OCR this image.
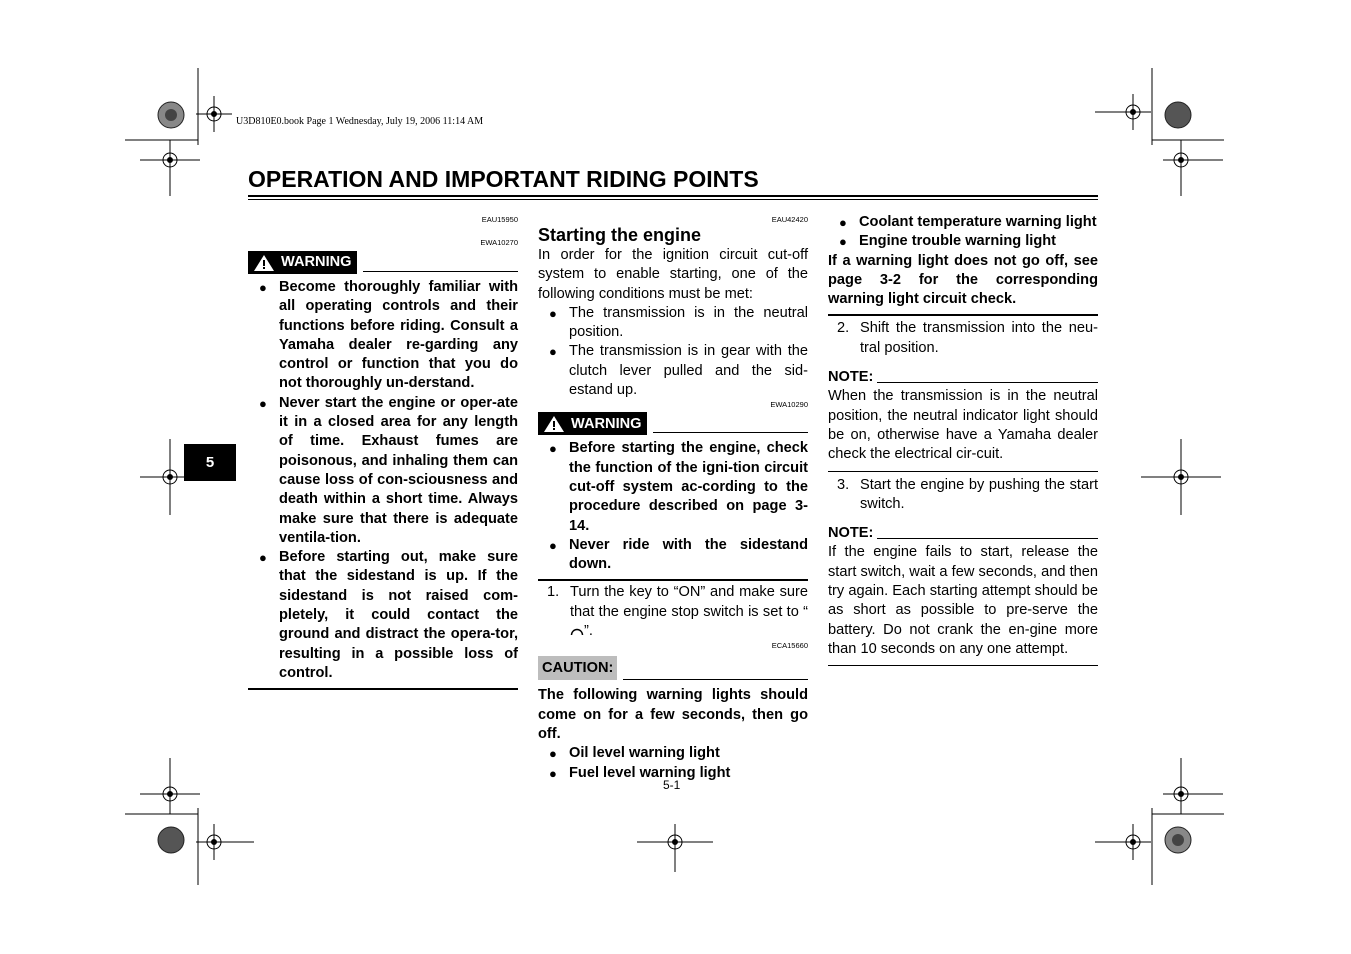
U3D810E0.book Page 1 Wednesday, July 19, 2006 11:14 AM
OPERATION AND IMPORTANT RIDING POINTS
5
EAU15950
EWA10270
WARNING
● Become thoroughly familiar with all operating controls and their functions before riding. Consult a Yamaha dealer re-garding any control or function that you do not thoroughly un-derstand.
● Never start the engine or oper-ate it in a closed area for any length of time. Exhaust fumes are poisonous, and inhaling them can cause loss of con-sciousness and death within a short time. Always make sure that there is adequate ventila-tion.
● Before starting out, make sure that the sidestand is up. If the sidestand is not raised com-pletely, it could contact the ground and distract the opera-tor, resulting in a possible loss of control.
EAU42420
Starting the engine

In order for the ignition circuit cut-off system to enable starting, one of the following conditions must be met:

● The transmission is in the neutral position.
● The transmission is in gear with the clutch lever pulled and the sid-estand up.
EWA10290
WARNING
● Before starting the engine, check the function of the igni-tion circuit cut-off system ac-cording to the procedure described on page 3-14.
● Never ride with the sidestand down.
1. Turn the key to “ON” and make sure that the engine stop switch is set to “”.
ECA15660
CAUTION:

The following warning lights should come on for a few seconds, then go off.

● Oil level warning light
● Fuel level warning light
● Coolant temperature warning light
● Engine trouble warning light

If a warning light does not go off, see page 3-2 for the corresponding warning light circuit check.

2. Shift the transmission into the neu-tral position.
NOTE:

When the transmission is in the neutral position, the neutral indicator light should be on, otherwise have a Yamaha dealer check the electrical cir-cuit.

3. Start the engine by pushing the start switch.
NOTE:

If the engine fails to start, release the start switch, wait a few seconds, and then try again. Each starting attempt should be as short as possible to pre-serve the battery. Do not crank the en-gine more than 10 seconds on any one attempt.

5-1
